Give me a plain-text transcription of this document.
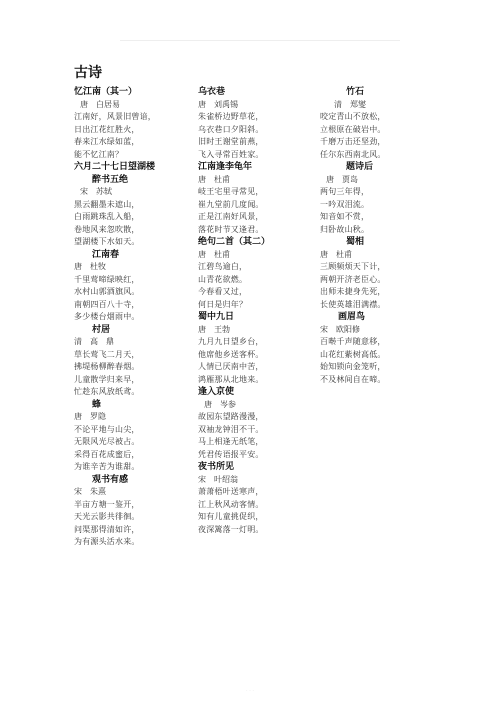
古诗
忆江南（其一）
唐　白居易
江南好，风景旧曾谙，
日出江花红胜火，
春来江水绿如蓝，
能不忆江南？
六月二十七日望湖楼
醉书五绝
宋　苏轼
黑云翻墨未遮山，
白雨跳珠乱入船，
卷地风来忽吹散，
望湖楼下水如天。
江南春
唐　杜牧
千里莺啼绿映红，
水村山郭酒旗风。
南朝四百八十寺，
多少楼台烟雨中。
村居
清　高　鼎
草长莺飞二月天，
拂堤杨柳醉春烟。
儿童散学归来早，
忙趁东风放纸鸢。
蜂
唐　罗隐
不论平地与山尖，
无限风光尽被占。
采得百花成蜜后，
为谁辛苦为谁甜。
观书有感
宋　朱熹
半亩方塘一鉴开，
天光云影共徘徊。
问渠那得清如许，
为有源头活水来。
乌衣巷
唐　刘禹锡
朱雀桥边野草花，
乌衣巷口夕阳斜。
旧时王谢堂前燕，
飞入寻常百姓家。
江南逢李龟年
唐　杜甫
岐王宅里寻常见，
崔九堂前几度闻。
正是江南好风景，
落花时节又逢君。
绝句二首（其二）
唐　杜甫
江碧鸟逾白，
山青花欲燃。
今春看又过，
何日是归年？
蜀中九日
唐　王勃
九月九日望乡台，
他席他乡送客杯。
人情已厌南中苦，
鸿雁那从北地来。
逢入京使
唐　岑参
故园东望路漫漫，
双袖龙钟泪不干。
马上相逢无纸笔，
凭君传语报平安。
夜书所见
宋　叶绍翁
萧萧梧叶送寒声，
江上秋风动客情。
知有儿童挑促织，
夜深篱落一灯明。
竹石
清　郑燮
咬定青山不放松，
立根原在破岩中。
千磨万击还坚劲，
任尔东西南北风。
题诗后
唐　贾岛
两句三年得，
一吟双泪流。
知音如不赏，
归卧故山秋。
蜀相
唐　杜甫
三顾频烦天下计，
两朝开济老臣心。
出师未捷身先死，
长使英雄泪满襟。
画眉鸟
宋　欧阳修
百啭千声随意移，
山花红紫树高低。
始知锁向金笼听，
不及林间自在啼。
· · ·
